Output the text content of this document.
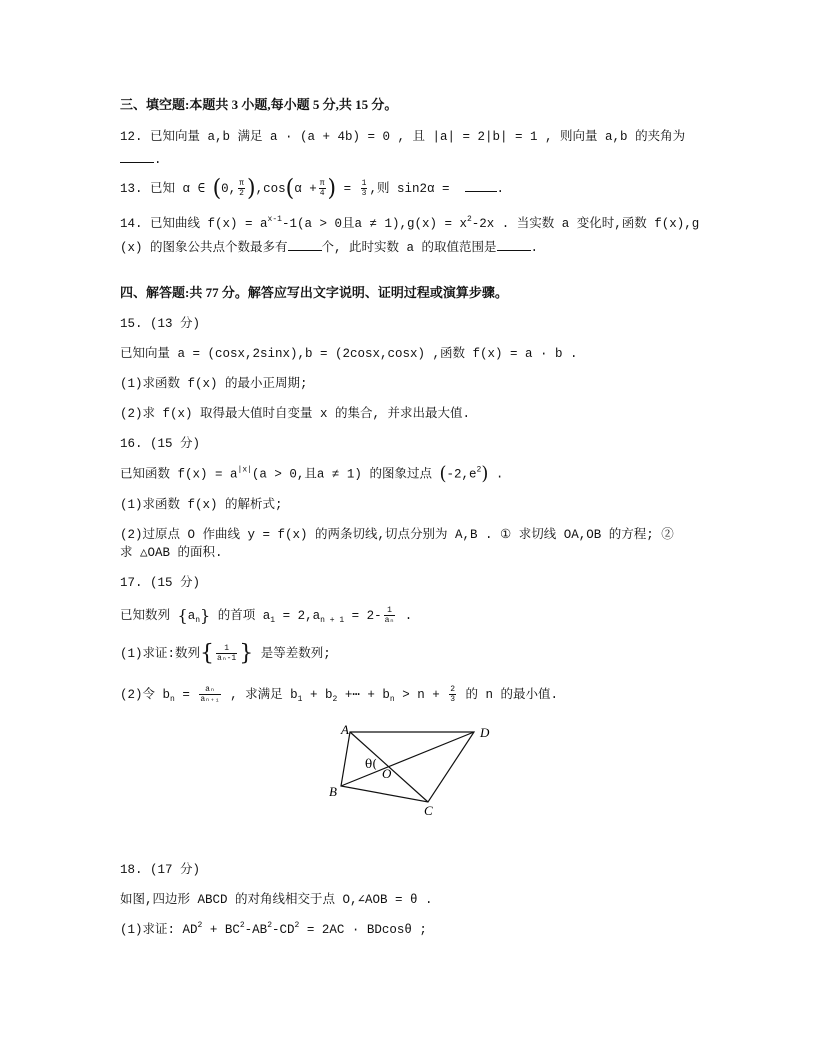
三、填空题:本题共 3 小题,每小题 5 分,共 15 分。
12. 已知向量 a,b 满足 a · (a + 4b) = 0 , 且 |a| = 2|b| = 1 , 则向量 a,b 的夹角为
.
13. 已知 α ∈ (0, $\frac{\pi}{2} ),\cos(\alpha + \frac{\pi}{4}$ ) = $\frac{1}{3}$ ,则 sin2α =	.
14. 已知曲线 $f(x) = a^{x-1}-1(a > 0$且$a \ne 1),g(x) = x^2-2x$ . 当实数 a 变化时,函数 f(x),g
(x) 的图象公共点个数最多有	个, 此时实数 a 的取值范围是	.
四、解答题:共 77 分。解答应写出文字说明、证明过程或演算步骤。
15. (13 分)
已知向量 a = (cosx,2sinx),b = (2cosx,cosx) ,函数 f(x) = a · b .
(1)求函数 f(x) 的最小正周期;
(2)求 f(x) 取得最大值时自变量 x 的集合, 并求出最大值.
16. (15 分)
已知函数 $f(x) = a^{|x|}(a > 0$,且a ≠ 1) 的图象过点 $(-2,e^2)$ .
(1)求函数 f(x) 的解析式;
(2)过原点 O 作曲线 y = f(x) 的两条切线,切点分别为 A,B . ① 求切线 OA,OB 的方程; ②
求 △OAB 的面积.
17. (15 分)
已知数列 $\{a_n\}$ 的首项 $a_1 = 2,a_{n + 1} = 2- \frac{1}{\text{aₙ}}$ .
(1)求证:数列{ $\frac{1}{\text{aₙ-1}}$ } 是等差数列;
(2)令 $b_n = \frac{\text{aₙ}}{\text{aₙ₊₁}}$ , 求满足 $b_1 + b_2$ +⋯ + $b_n > n + \frac{2}{3}$ 的 n 的最小值.
A
B
C
D
O
θ(
18. (17 分)
如图,四边形 ABCD 的对角线相交于点 O,∠AOB = θ .
(1)求证: $AD^2 + BC^2-AB^2-CD^2 = 2AC \cdot BDcos\theta$ ;
